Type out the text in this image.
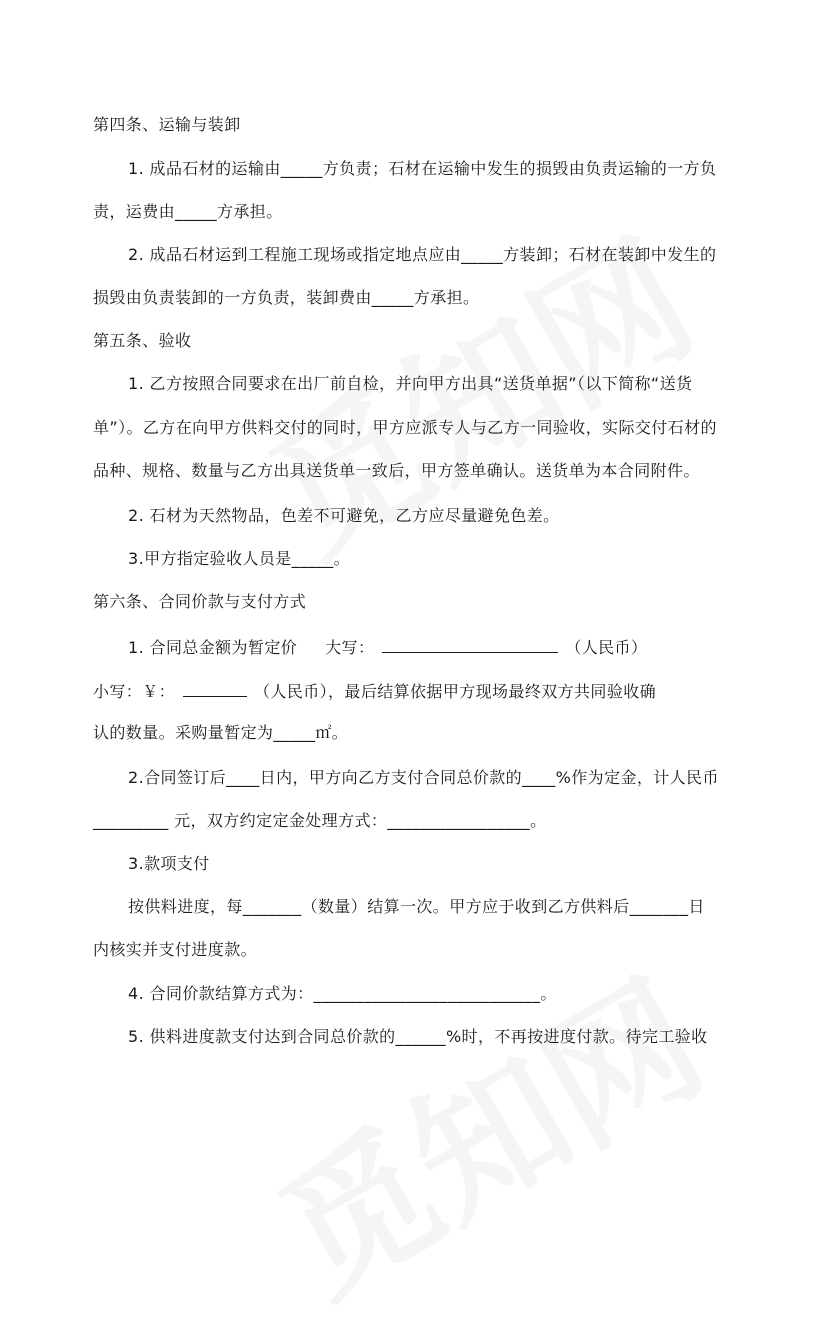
第四条、运输与装卸
1. 成品石材的运输由_____方负责；石材在运输中发生的损毁由负责运输的一方负
责，运费由_____方承担。
2. 成品石材运到工程施工现场或指定地点应由_____方装卸；石材在装卸中发生的
损毁由负责装卸的一方负责，装卸费由_____方承担。
第五条、验收
1. 乙方按照合同要求在出厂前自检，并向甲方出具“送货单据”（以下简称“送货
单”）。乙方在向甲方供料交付的同时，甲方应派专人与乙方一同验收，实际交付石材的
品种、规格、数量与乙方出具送货单一致后，甲方签单确认。送货单为本合同附件。
2. 石材为天然物品，色差不可避免，乙方应尽量避免色差。
3.甲方指定验收人员是_____。
第六条、合同价款与支付方式
1. 合同总金额为暂定价 大写：	（人民币）
小写：￥：	（人民币），最后结算依据甲方现场最终双方共同验收确
认的数量。采购量暂定为_____㎡。
2.合同签订后____日内，甲方向乙方支付合同总价款的____%作为定金，计人民币
_________ 元，双方约定定金处理方式：_________________。
3.款项支付
按供料进度，每_______（数量）结算一次。甲方应于收到乙方供料后_______日
内核实并支付进度款。
4. 合同价款结算方式为：___________________________。
5. 供料进度款支付达到合同总价款的______%时，不再按进度付款。待完工验收
